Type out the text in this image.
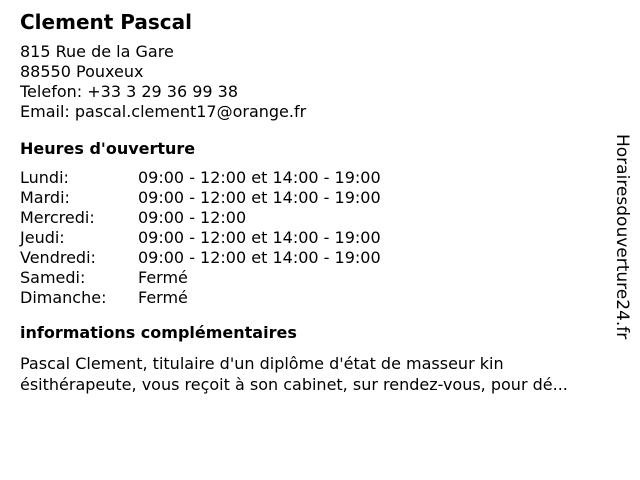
Clement Pascal
815 Rue de la Gare
88550 Pouxeux
Telefon: +33 3 29 36 99 38
Email: pascal.clement17@orange.fr
Heures d'ouverture
Lundi:	09:00 - 12:00 et 14:00 - 19:00
Mardi:	09:00 - 12:00 et 14:00 - 19:00
Mercredi:	09:00 - 12:00
Jeudi:	09:00 - 12:00 et 14:00 - 19:00
Vendredi:	09:00 - 12:00 et 14:00 - 19:00
Samedi:	Fermé
Dimanche:	Fermé
informations complémentaires
Pascal Clement, titulaire d'un diplôme d'état de masseur kin ésithérapeute, vous reçoit à son cabinet, sur rendez-vous, pour dé...
Horairesdouverture24.fr
